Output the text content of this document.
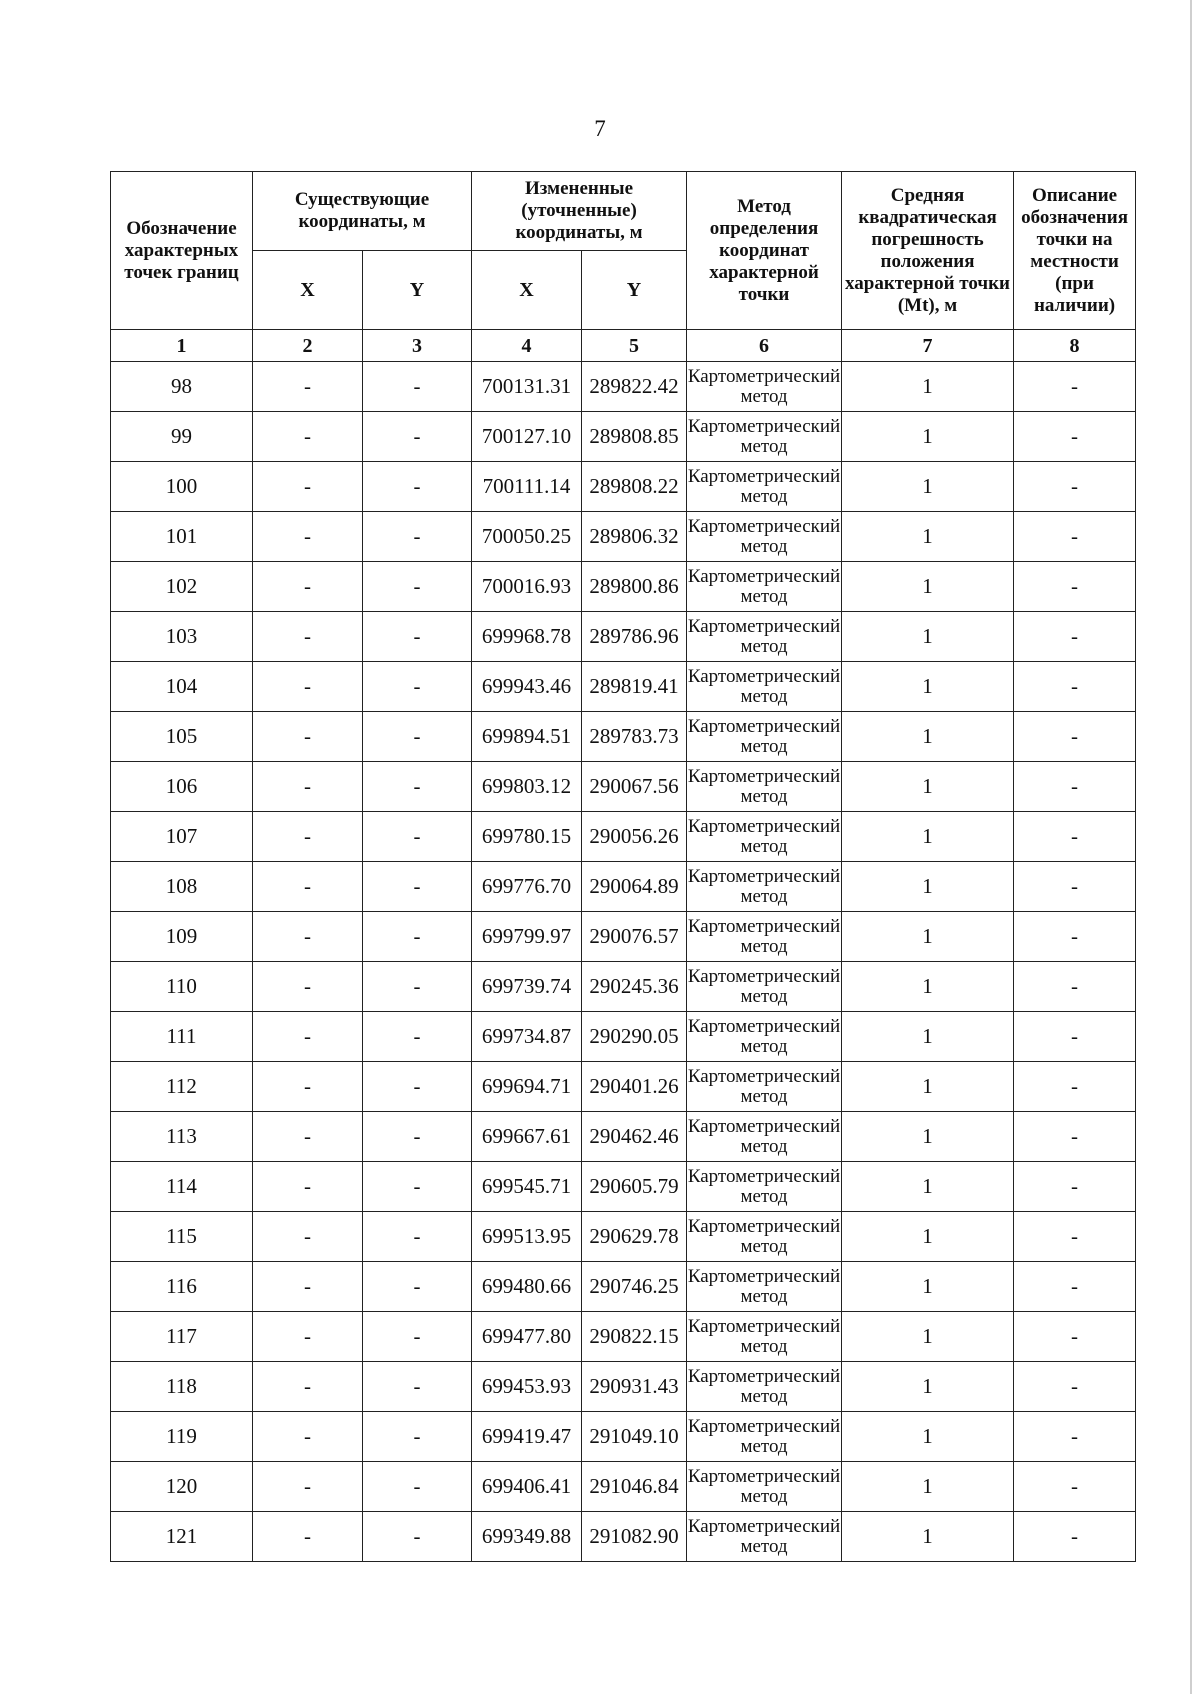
7
Обозначение характерных точек границ	Существующие координаты, м		Измененные (уточненные) координаты, м		Метод определения координат характерной точки	Средняя квадратическая погрешность положения характерной точки (Mt), м	Описание обозначения точки на местности (при наличии)
	X	Y	X	Y			
1	2	3	4	5	6	7	8
98	-	-	700131.31	289822.42	Картометрический метод	1	-
99	-	-	700127.10	289808.85	Картометрический метод	1	-
100	-	-	700111.14	289808.22	Картометрический метод	1	-
101	-	-	700050.25	289806.32	Картометрический метод	1	-
102	-	-	700016.93	289800.86	Картометрический метод	1	-
103	-	-	699968.78	289786.96	Картометрический метод	1	-
104	-	-	699943.46	289819.41	Картометрический метод	1	-
105	-	-	699894.51	289783.73	Картометрический метод	1	-
106	-	-	699803.12	290067.56	Картометрический метод	1	-
107	-	-	699780.15	290056.26	Картометрический метод	1	-
108	-	-	699776.70	290064.89	Картометрический метод	1	-
109	-	-	699799.97	290076.57	Картометрический метод	1	-
110	-	-	699739.74	290245.36	Картометрический метод	1	-
111	-	-	699734.87	290290.05	Картометрический метод	1	-
112	-	-	699694.71	290401.26	Картометрический метод	1	-
113	-	-	699667.61	290462.46	Картометрический метод	1	-
114	-	-	699545.71	290605.79	Картометрический метод	1	-
115	-	-	699513.95	290629.78	Картометрический метод	1	-
116	-	-	699480.66	290746.25	Картометрический метод	1	-
117	-	-	699477.80	290822.15	Картометрический метод	1	-
118	-	-	699453.93	290931.43	Картометрический метод	1	-
119	-	-	699419.47	291049.10	Картометрический метод	1	-
120	-	-	699406.41	291046.84	Картометрический метод	1	-
121	-	-	699349.88	291082.90	Картометрический метод	1	-
